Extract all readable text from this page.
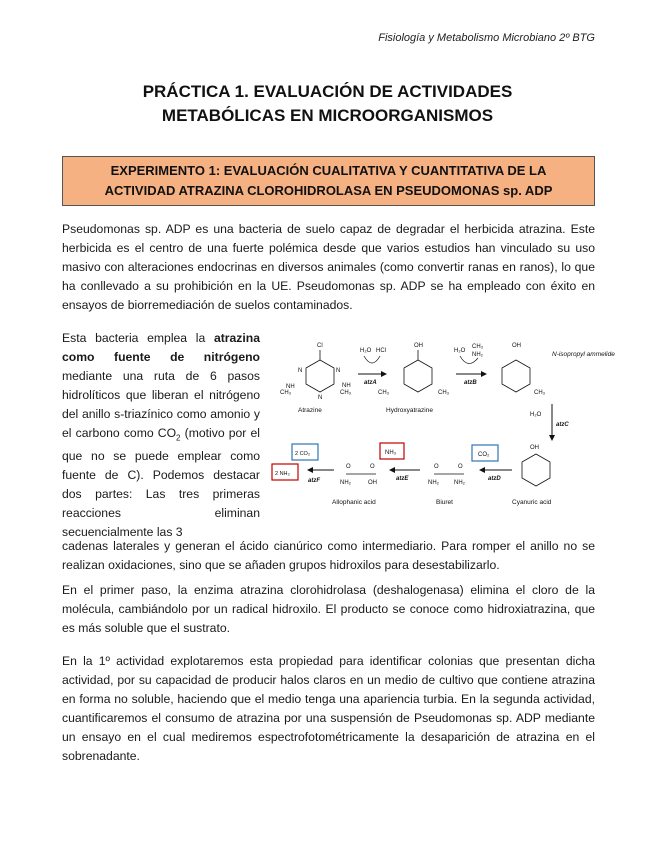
Fisiología y Metabolismo Microbiano 2º BTG
PRÁCTICA 1. EVALUACIÓN DE ACTIVIDADES
METABÓLICAS EN MICROORGANISMOS
EXPERIMENTO 1: EVALUACIÓN CUALITATIVA Y CUANTITATIVA DE LA
ACTIVIDAD ATRAZINA CLOROHIDROLASA EN PSEUDOMONAS sp. ADP

Pseudomonas sp. ADP es una bacteria de suelo capaz de degradar el herbicida atrazina. Este herbicida es el centro de una fuerte polémica desde que varios estudios han vinculado su uso masivo con alteraciones endocrinas en diversos animales (como convertir ranas en ranos), lo que ha conllevado a su prohibición en la UE. Pseudomonas sp. ADP se ha empleado con éxito en ensayos de biorremediación de suelos contaminados.

Esta bacteria emplea la atrazina como fuente de nitrógeno mediante una ruta de 6 pasos hidrolíticos que liberan el nitrógeno del anillo s-triazínico como amonio y el carbono como $CO_2$ (motivo por el que no se puede emplear como fuente de C). Podemos destacar dos partes: Las tres primeras reacciones eliminan secuencialmente las 3

cadenas laterales y generan el ácido cianúrico como intermediario. Para romper el anillo no se realizan oxidaciones, sino que se añaden grupos hidroxilos para desestabilizarlo.

En el primer paso, la enzima atrazina clorohidrolasa (deshalogenasa) elimina el cloro de la molécula, cambiándolo por un radical hidroxilo. El producto se conoce como hidroxiatrazina, que es más soluble que el sustrato.

En la 1º actividad explotaremos esta propiedad para identificar colonias que presentan dicha actividad, por su capacidad de producir halos claros en un medio de cultivo que contiene atrazina en forma no soluble, haciendo que el medio tenga una apariencia turbia. En la segunda actividad, cuantificaremos el consumo de atrazina por una suspensión de Pseudomonas sp. ADP mediante un ensayo en el cual mediremos espectrofotométricamente la desaparición de atrazina en el sobrenadante.

Cl
N	N
N
CH₃	CH₃
NH	NH
Atrazine
H₂O HCl
atzA
OH
CH₃	CH₃
Hydroxyatrazine
H₂O
CH₃
NH₂
atzB
OH
CH₃
N-isopropyl ammelide
H₂O
atzC
OH
Cyanuric acid
CO₂
atzD
O	O
NH₂	NH₂
Biuret
NH₃
atzE
O	O
NH₂	OH
Allophanic acid
2 CO₂
2 NH₃
atzF
